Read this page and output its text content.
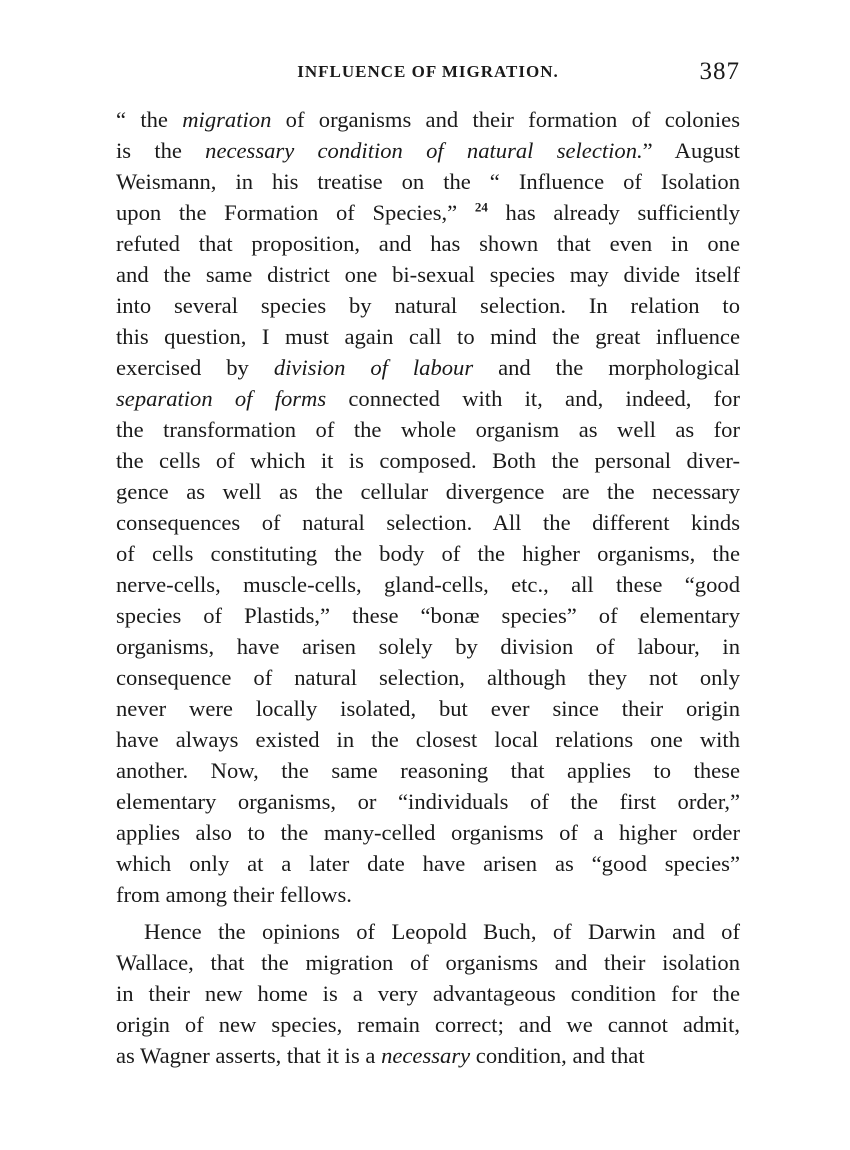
INFLUENCE OF MIGRATION.	387
“ the migration of organisms and their formation of colonies
is the necessary condition of natural selection.” August
Weismann, in his treatise on the “ Influence of Isolation
upon the Formation of Species,” $^{24}$ has already sufficiently
refuted that proposition, and has shown that even in one
and the same district one bi-sexual species may divide itself
into several species by natural selection. In relation to
this question, I must again call to mind the great influence
exercised by division of labour and the morphological
separation of forms connected with it, and, indeed, for
the transformation of the whole organism as well as for
the cells of which it is composed. Both the personal diver-
gence as well as the cellular divergence are the necessary
consequences of natural selection. All the different kinds
of cells constituting the body of the higher organisms, the
nerve-cells, muscle-cells, gland-cells, etc., all these “good
species of Plastids,” these “bonæ species” of elementary
organisms, have arisen solely by division of labour, in
consequence of natural selection, although they not only
never were locally isolated, but ever since their origin
have always existed in the closest local relations one with
another. Now, the same reasoning that applies to these
elementary organisms, or “individuals of the first order,”
applies also to the many-celled organisms of a higher order
which only at a later date have arisen as “good species”
from among their fellows.
Hence the opinions of Leopold Buch, of Darwin and of
Wallace, that the migration of organisms and their isolation
in their new home is a very advantageous condition for the
origin of new species, remain correct; and we cannot admit,
as Wagner asserts, that it is a necessary condition, and that
